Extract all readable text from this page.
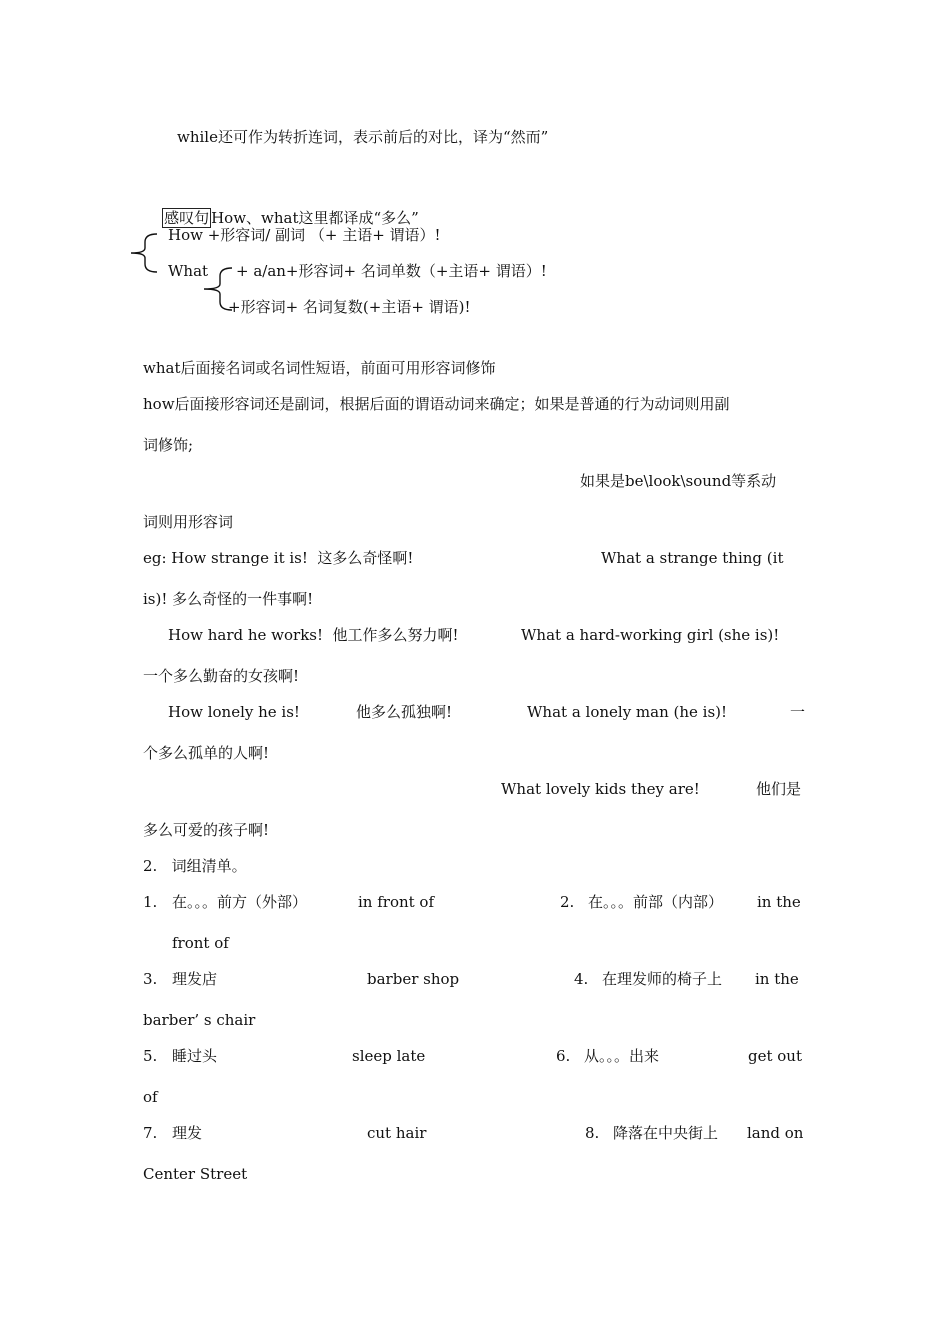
while还可作为转折连词，表示前后的对比，译为“然而”

感叹句 How、what这里都译成“多么”

How +形容词/ 副词 （+ 主语+ 谓语）!
What + a/an+形容词+ 名词单数（+主语+ 谓语）!
+形容词+ 名词复数(+主语+ 谓语)!
what后面接名词或名词性短语，前面可用形容词修饰
how后面接形容词还是副词，根据后面的谓语动词来确定；如果是普通的行为动词则用副
词修饰;
如果是be\look\sound等系动
词则用形容词
eg: How strange it is!  这多么奇怪啊!	What a strange thing (it
is)! 多么奇怪的一件事啊!
How hard he works!  他工作多么努力啊!	What a hard-working girl (she is)!
一个多么勤奋的女孩啊!
How lonely he is!	他多么孤独啊!	What a lonely man (he is)!	一
个多么孤单的人啊!
What lovely kids they are!	他们是
多么可爱的孩子啊!
2.   词组清单。
1. 在。。。前方（外部）	in front of	2. 在。。。前部（内部） in the
front of
3. 理发店	barber shop	4. 在理发师的椅子上 in the
barber’ s chair
5. 睡过头	sleep late	6. 从。。。出来	get out
of
7. 理发	cut hair	8. 降落在中央街上 land on
Center Street
